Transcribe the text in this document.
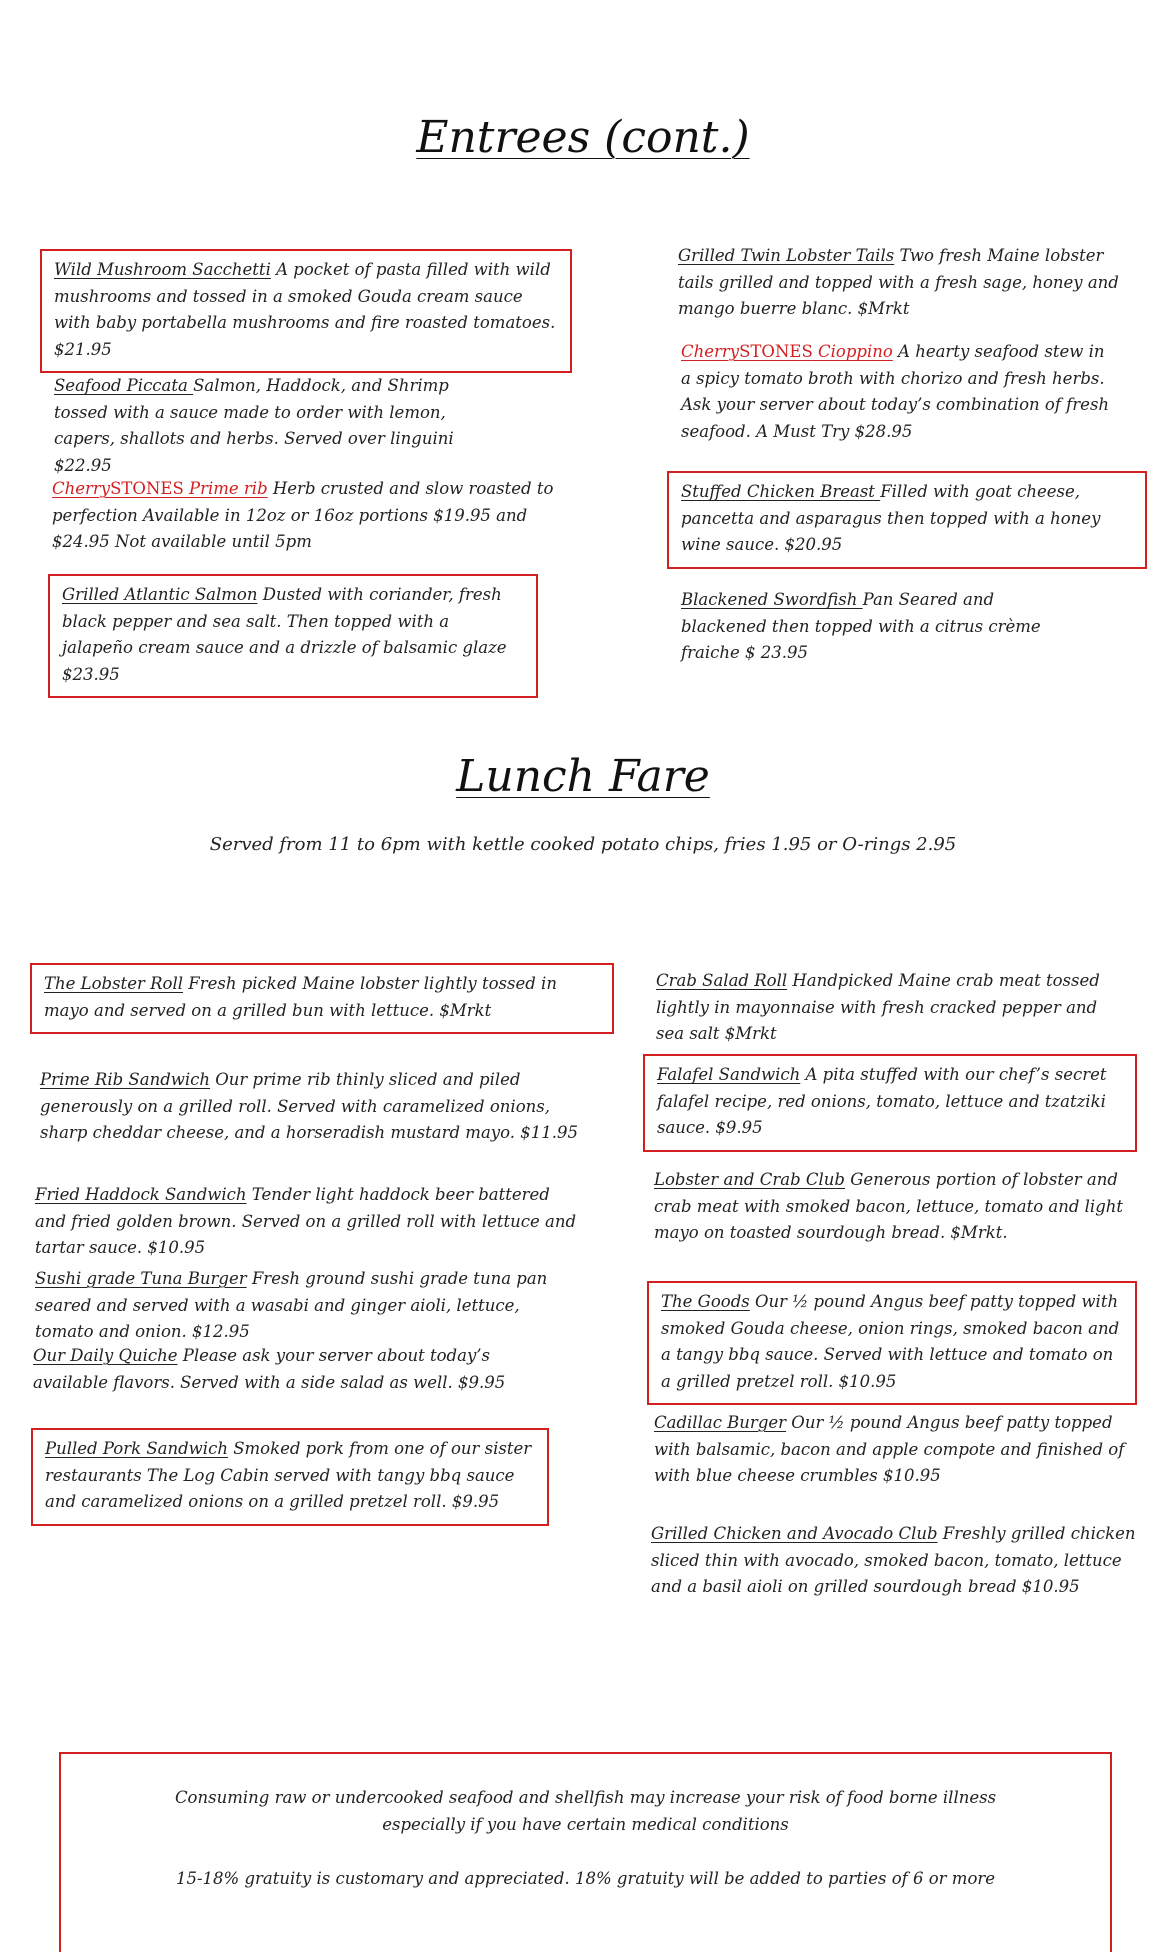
Entrees (cont.)
Wild Mushroom Sacchetti A pocket of pasta filled with wild mushrooms and tossed in a smoked Gouda cream sauce with baby portabella mushrooms and fire roasted tomatoes. $21.95
Seafood Piccata Salmon, Haddock, and Shrimp tossed with a sauce made to order with lemon, capers, shallots and herbs. Served over linguini $22.95
CherrySTONES Prime rib Herb crusted and slow roasted to perfection Available in 12oz or 16oz portions $19.95 and $24.95 Not available until 5pm
Grilled Atlantic Salmon Dusted with coriander, fresh black pepper and sea salt. Then topped with a jalapeño cream sauce and a drizzle of balsamic glaze $23.95
Grilled Twin Lobster Tails Two fresh Maine lobster tails grilled and topped with a fresh sage, honey and mango buerre blanc. $Mrkt
CherrySTONES Cioppino A hearty seafood stew in a spicy tomato broth with chorizo and fresh herbs. Ask your server about today’s combination of fresh seafood. A Must Try $28.95
Stuffed Chicken Breast Filled with goat cheese, pancetta and asparagus then topped with a honey wine sauce. $20.95
Blackened Swordfish Pan Seared and blackened then topped with a citrus crème fraiche $ 23.95
Lunch Fare
Served from 11 to 6pm with kettle cooked potato chips, fries 1.95 or O-rings 2.95
The Lobster Roll Fresh picked Maine lobster lightly tossed in mayo and served on a grilled bun with lettuce. $Mrkt
Prime Rib Sandwich Our prime rib thinly sliced and piled generously on a grilled roll. Served with caramelized onions, sharp cheddar cheese, and a horseradish mustard mayo. $11.95
Fried Haddock Sandwich Tender light haddock beer battered and fried golden brown. Served on a grilled roll with lettuce and tartar sauce. $10.95
Sushi grade Tuna Burger Fresh ground sushi grade tuna pan seared and served with a wasabi and ginger aioli, lettuce, tomato and onion. $12.95
Our Daily Quiche Please ask your server about today’s available flavors. Served with a side salad as well. $9.95
Pulled Pork Sandwich Smoked pork from one of our sister restaurants The Log Cabin served with tangy bbq sauce and caramelized onions on a grilled pretzel roll. $9.95
Crab Salad Roll Handpicked Maine crab meat tossed lightly in mayonnaise with fresh cracked pepper and sea salt $Mrkt
Falafel Sandwich A pita stuffed with our chef’s secret falafel recipe, red onions, tomato, lettuce and tzatziki sauce. $9.95
Lobster and Crab Club Generous portion of lobster and crab meat with smoked bacon, lettuce, tomato and light mayo on toasted sourdough bread. $Mrkt.
The Goods Our ½ pound Angus beef patty topped with smoked Gouda cheese, onion rings, smoked bacon and a tangy bbq sauce. Served with lettuce and tomato on a grilled pretzel roll. $10.95
Cadillac Burger Our ½ pound Angus beef patty topped with balsamic, bacon and apple compote and finished of with blue cheese crumbles $10.95
Grilled Chicken and Avocado Club Freshly grilled chicken sliced thin with avocado, smoked bacon, tomato, lettuce and a basil aioli on grilled sourdough bread $10.95

Consuming raw or undercooked seafood and shellfish may increase your risk of food borne illness especially if you have certain medical conditions

15-18% gratuity is customary and appreciated. 18% gratuity will be added to parties of 6 or more
